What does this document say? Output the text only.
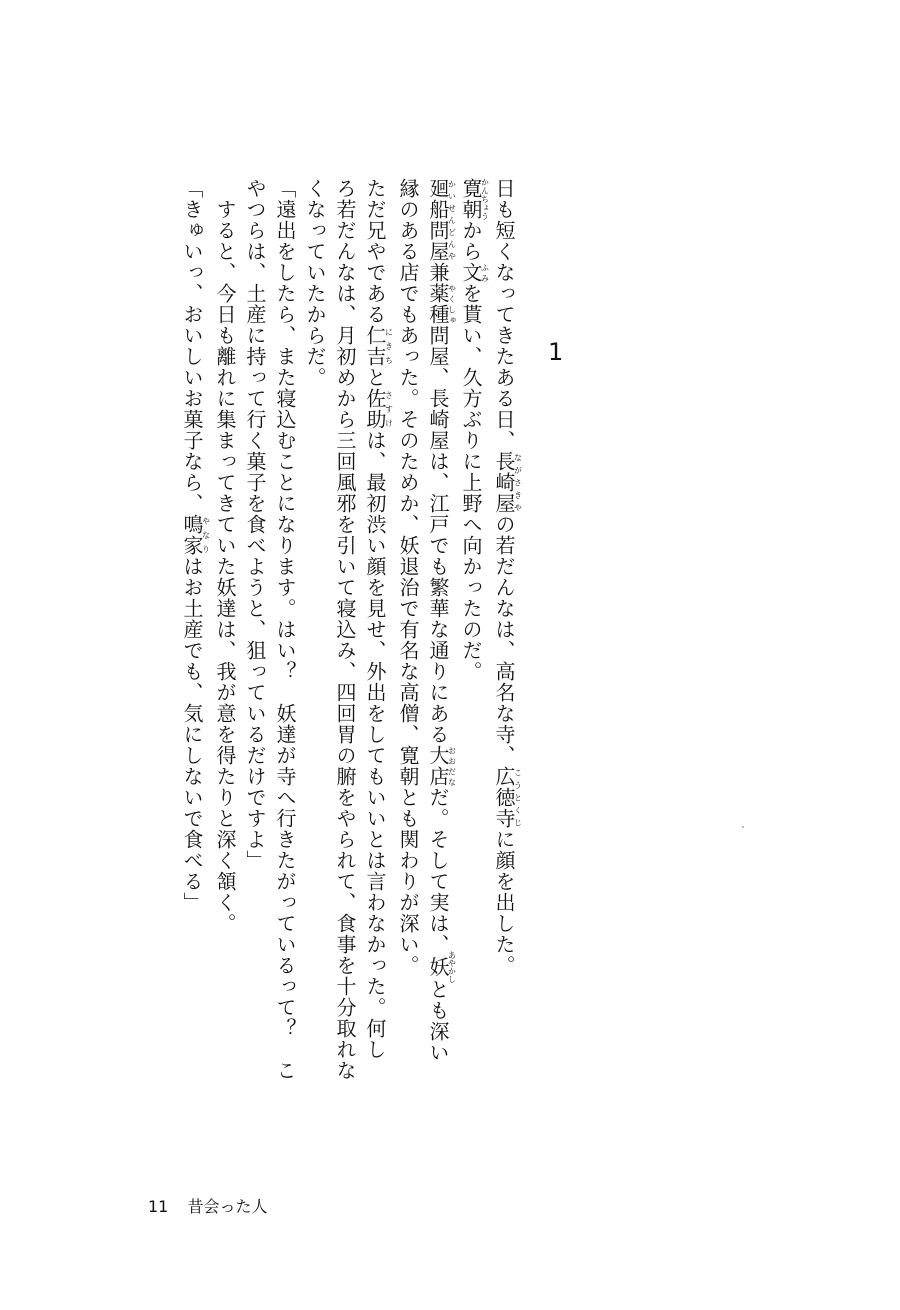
1
日も短くなってきたある日、長崎屋ながさきやの若だんなは、高名な寺、広徳寺こうとくじに顔を出した。
寛朝かんちょうから文ふみを貰い、久方ぶりに上野へ向かったのだ。
廻船問屋かいせんどんや兼薬種やくしゅ問屋、長崎屋は、江戸でも繁華な通りにある大店おおだなだ。そして実は、妖あやかしとも深い
縁のある店でもあった。そのためか、妖退治で有名な高僧、寛朝とも関わりが深い。
ただ兄やである仁吉にきちと佐助さすけは、最初渋い顔を見せ、外出をしてもいいとは言わなかった。何し
ろ若だんなは、月初めから三回風邪を引いて寝込み、四回胃の腑をやられて、食事を十分取れな
くなっていたからだ。
「遠出をしたら、また寝込むことになります。はい？　妖達が寺へ行きたがっているって？　こ
やつらは、土産に持って行く菓子を食べようと、狙っているだけですよ」
　すると、今日も離れに集まってきていた妖達は、我が意を得たりと深く頷く。
「きゅいっ、おいしいお菓子なら、鳴家やなりはお土産でも、気にしないで食べる」
11 昔会った人
